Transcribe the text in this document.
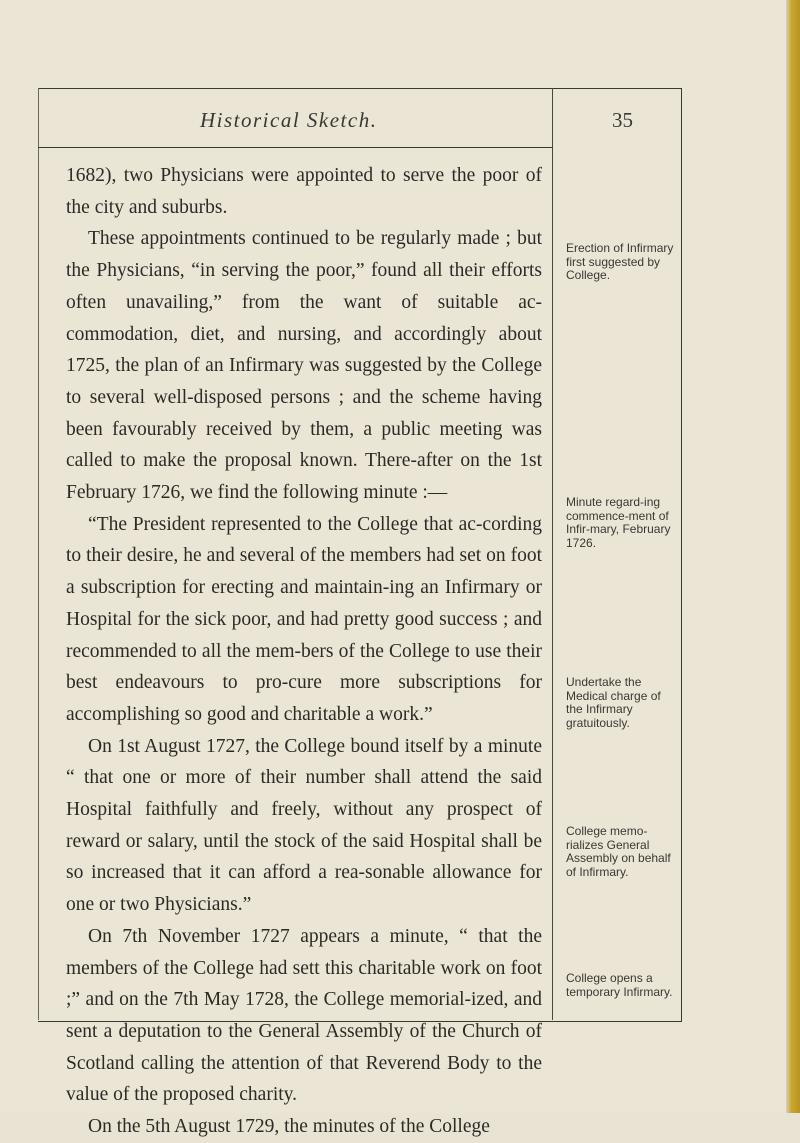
Historical Sketch.	35

1682), two Physicians were appointed to serve the poor of the city and suburbs.

These appointments continued to be regularly made ; but the Physicians, “in serving the poor,” found all their efforts often unavailing,” from the want of suitable ac-commodation, diet, and nursing, and accordingly about 1725, the plan of an Infirmary was suggested by the College to several well-disposed persons ; and the scheme having been favourably received by them, a public meeting was called to make the proposal known. There-after on the 1st February 1726, we find the following minute :—

“The President represented to the College that ac-cording to their desire, he and several of the members had set on foot a subscription for erecting and maintain-ing an Infirmary or Hospital for the sick poor, and had pretty good success ; and recommended to all the mem-bers of the College to use their best endeavours to pro-cure more subscriptions for accomplishing so good and charitable a work.”

On 1st August 1727, the College bound itself by a minute “ that one or more of their number shall attend the said Hospital faithfully and freely, without any prospect of reward or salary, until the stock of the said Hospital shall be so increased that it can afford a rea-sonable allowance for one or two Physicians.”

On 7th November 1727 appears a minute, “ that the members of the College had sett this charitable work on foot ;” and on the 7th May 1728, the College memorial-ized, and sent a deputation to the General Assembly of the Church of Scotland calling the attention of that Reverend Body to the value of the proposed charity.

On the 5th August 1729, the minutes of the College

Erection of Infirmary first suggested by College.
Minute regard-ing commence-ment of Infir-mary, February 1726.
Undertake the Medical charge of the Infirmary gratuitously.
College memo-rializes General Assembly on behalf of Infirmary.
College opens a temporary Infirmary.
